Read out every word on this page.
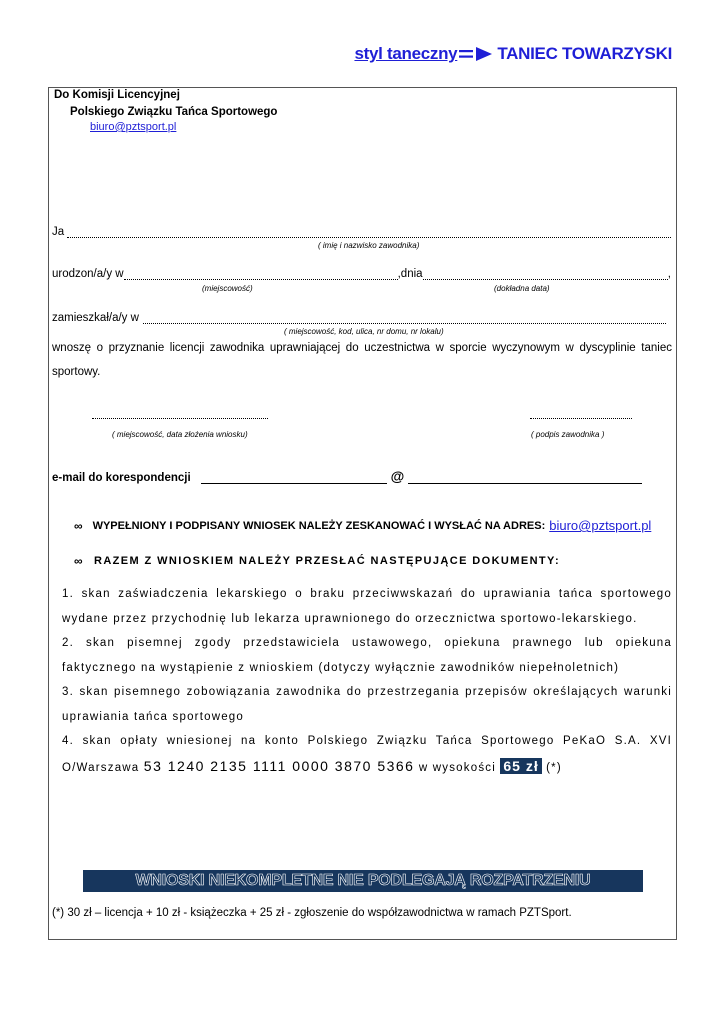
styl taneczny TANIEC TOWARZYSKI
Do Komisji Licencyjnej
Polskiego Związku Tańca Sportowego
biuro@pztsport.pl
Ja
( imię i nazwisko zawodnika)
urodzon/a/y w	,dnia	,
(miejscowość)	(dokładna data)
zamieszkał/a/y w
( miejscowość, kod, ulica, nr domu, nr lokalu)
wnoszę o przyznanie licencji zawodnika uprawniającej do uczestnictwa w sporcie wyczynowym w dyscyplinie taniec sportowy.
( miejscowość, data złożenia wniosku)	( podpis zawodnika )
e-mail do korespondencji	@
∞ WYPEŁNIONY I PODPISANY WNIOSEK NALEŻY ZESKANOWAĆ I WYSŁAĆ NA ADRES: biuro@pztsport.pl
∞ RAZEM Z WNIOSKIEM NALEŻY PRZESŁAĆ NASTĘPUJĄCE DOKUMENTY:
1. skan zaświadczenia lekarskiego o braku przeciwwskazań do uprawiania tańca sportowego wydane przez przychodnię lub lekarza uprawnionego do orzecznictwa sportowo-lekarskiego.
2. skan pisemnej zgody przedstawiciela ustawowego, opiekuna prawnego lub opiekuna faktycznego na wystąpienie z wnioskiem (dotyczy wyłącznie zawodników niepełnoletnich)
3. skan pisemnego zobowiązania zawodnika do przestrzegania przepisów określających warunki uprawiania tańca sportowego
4. skan opłaty wniesionej na konto Polskiego Związku Tańca Sportowego PeKaO S.A. XVI O/Warszawa 53 1240 2135 1111 0000 3870 5366 w wysokości 65 zł (*)
WNIOSKI NIEKOMPLETNE NIE PODLEGAJĄ ROZPATRZENIU
(*) 30 zł – licencja + 10 zł - książeczka + 25 zł - zgłoszenie do współzawodnictwa w ramach PZTSport.
